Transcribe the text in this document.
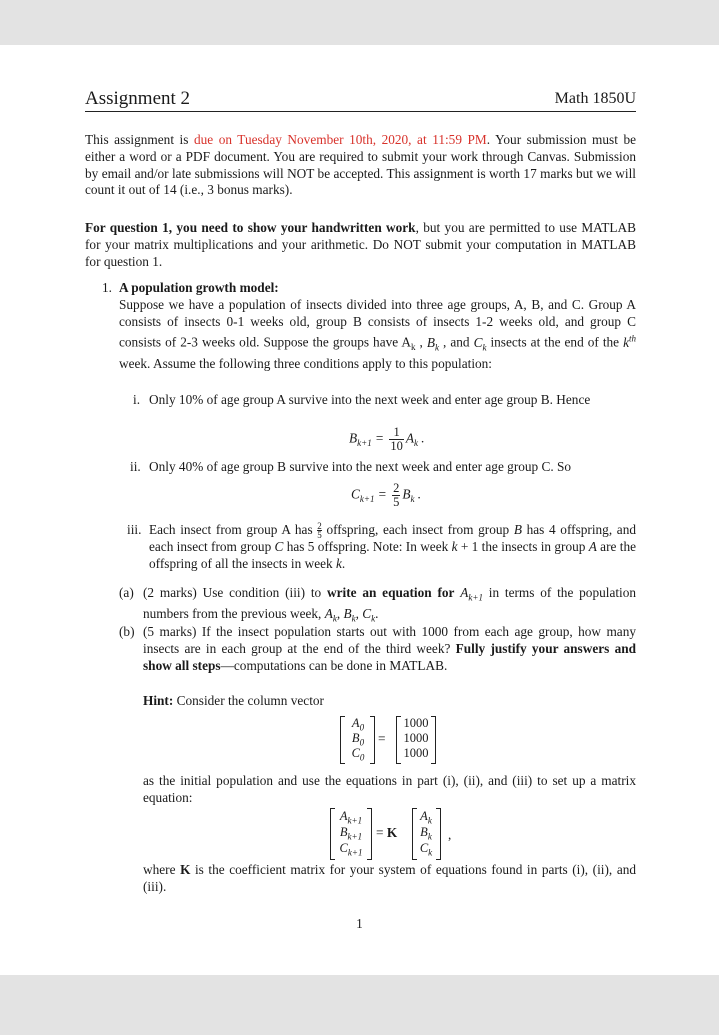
Assignment 2	Math 1850U
This assignment is due on Tuesday November 10th, 2020, at 11:59 PM. Your submission must be either a word or a PDF document. You are required to submit your work through Canvas. Submission by email and/or late submissions will NOT be accepted. This assignment is worth 17 marks but we will count it out of 14 (i.e., 3 bonus marks).
For question 1, you need to show your handwritten work, but you are permitted to use MATLAB for your matrix multiplications and your arithmetic. Do NOT submit your computation in MATLAB for question 1.
1. A population growth model:
Suppose we have a population of insects divided into three age groups, A, B, and C. Group A consists of insects 0-1 weeks old, group B consists of insects 1-2 weeks old, and group C consists of 2-3 weeks old. Suppose the groups have $A_k$ , $B_k$ , and $C_k$ insects at the end of the $k^{th}$ week. Assume the following three conditions apply to this population:
i. Only 10% of age group A survive into the next week and enter age group B. Hence
$B_{k+1} = \frac{1}{10} A_k$ .
ii. Only 40% of age group B survive into the next week and enter age group C. So
$C_{k+1} = \frac{2}{5} B_k$ .
iii. Each insect from group A has $\frac{2}{5}$ offspring, each insect from group B has 4 offspring, and each insect from group C has 5 offspring. Note: In week k + 1 the insects in group A are the offspring of all the insects in week k.
(a) (2 marks) Use condition (iii) to write an equation for $A_{k+1}$ in terms of the population numbers from the previous week, $A_k$, $B_k$, $C_k$.
(b) (5 marks) If the insect population starts out with 1000 from each age group, how many insects are in each group at the end of the third week? Fully justify your answers and show all steps—computations can be done in MATLAB.
Hint: Consider the column vector
$A_0$
$B_0$
$C_0$
=
1000
1000
1000
as the initial population and use the equations in part (i), (ii), and (iii) to set up a matrix equation:
$A_{k+1}$
$B_{k+1}$
$C_{k+1}$
= K
$A_k$
$B_k$
$C_k$
,
where K is the coefficient matrix for your system of equations found in parts (i), (ii), and (iii).
1
